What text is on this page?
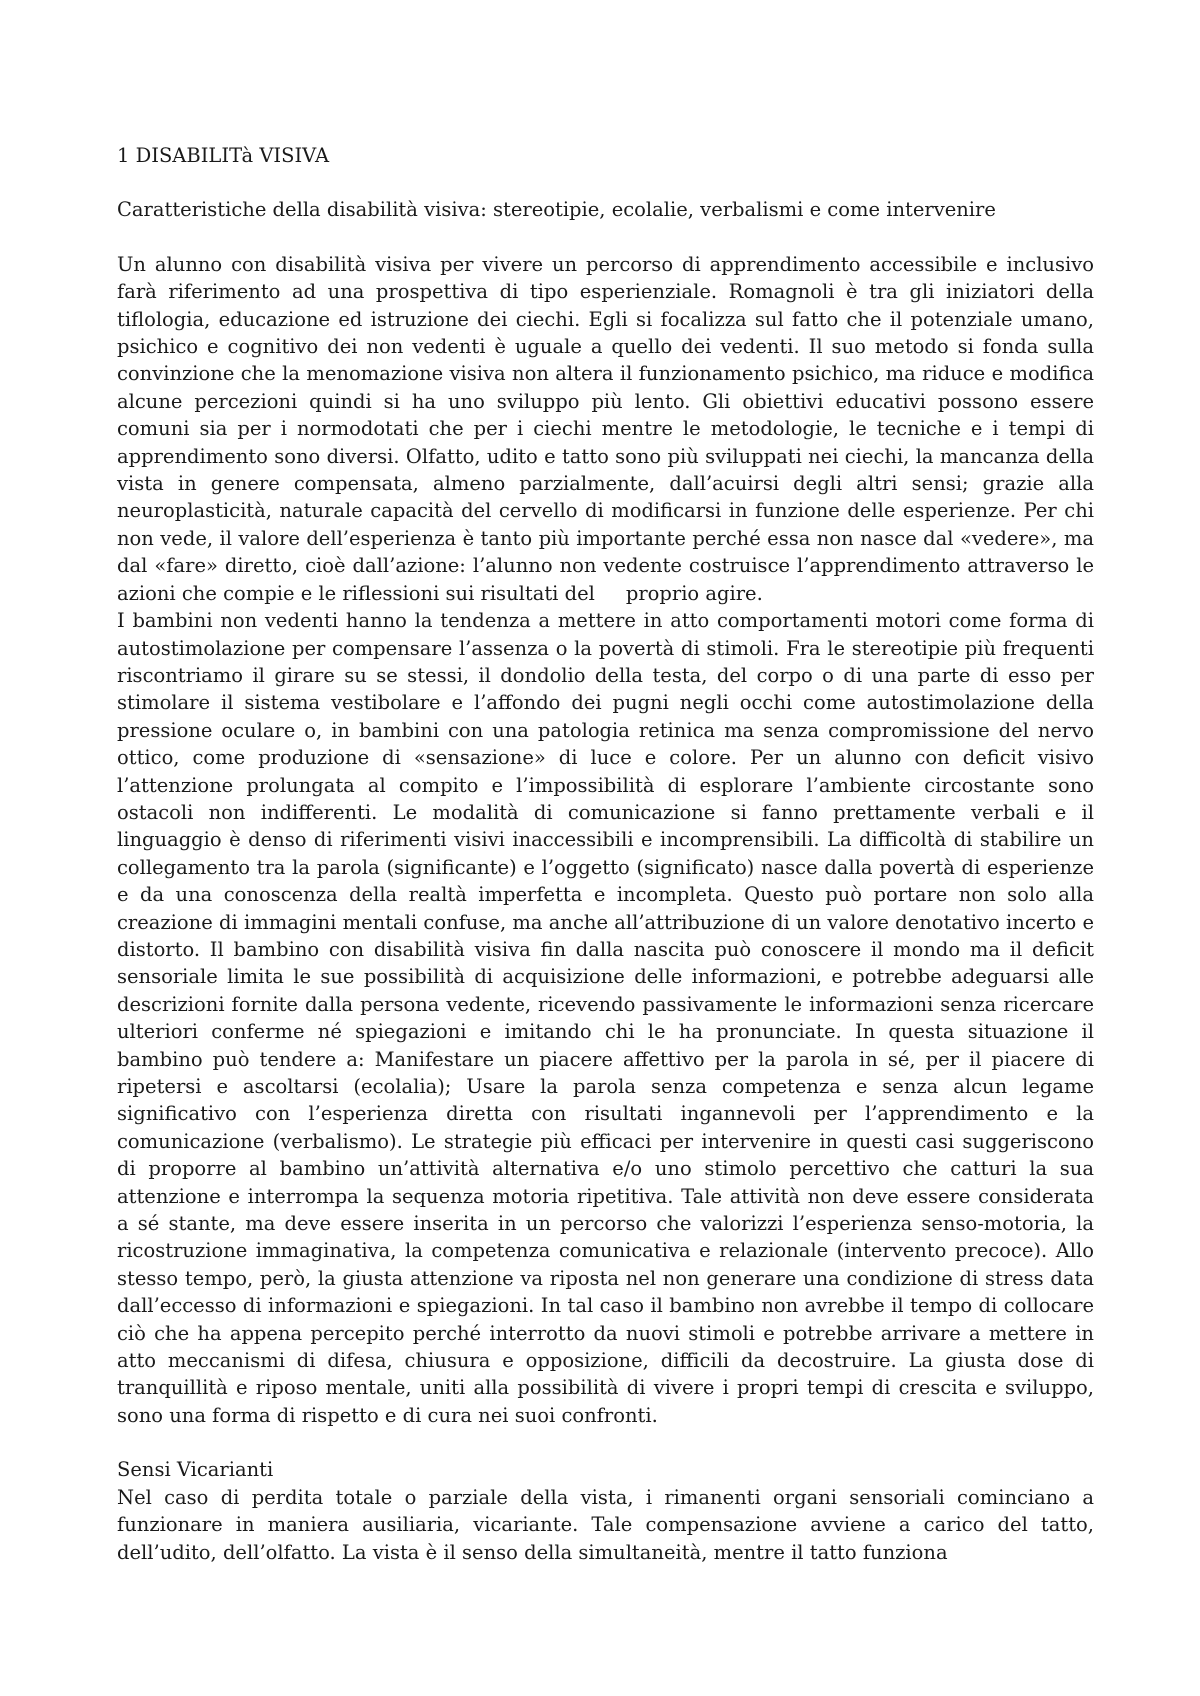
1 DISABILITà VISIVA
Caratteristiche della disabilità visiva: stereotipie, ecolalie, verbalismi e come intervenire

Un alunno con disabilità visiva per vivere un percorso di apprendimento accessibile e inclusivo farà riferimento ad una prospettiva di tipo esperienziale. Romagnoli è tra gli iniziatori della tiflologia, educazione ed istruzione dei ciechi. Egli si focalizza sul fatto che il potenziale umano, psichico e cognitivo dei non vedenti è uguale a quello dei vedenti. Il suo metodo si fonda sulla convinzione che la menomazione visiva non altera il funzionamento psichico, ma riduce e modifica alcune percezioni quindi si ha uno sviluppo più lento. Gli obiettivi educativi possono essere comuni sia per i normodotati che per i ciechi mentre le metodologie, le tecniche e i tempi di apprendimento sono diversi. Olfatto, udito e tatto sono più sviluppati nei ciechi, la mancanza della vista in genere compensata, almeno parzialmente, dall’acuirsi degli altri sensi; grazie alla neuroplasticità, naturale capacità del cervello di modificarsi in funzione delle esperienze. Per chi non vede, il valore dell’esperienza è tanto più importante perché essa non nasce dal «vedere», ma dal «fare» diretto, cioè dall’azione: l’alunno non vedente costruisce l’apprendimento attraverso le azioni che compie e le riflessioni sui risultati del     proprio agire.

I bambini non vedenti hanno la tendenza a mettere in atto comportamenti motori come forma di autostimolazione per compensare l’assenza o la povertà di stimoli. Fra le stereotipie più frequenti riscontriamo il girare su se stessi, il dondolio della testa, del corpo o di una parte di esso per stimolare il sistema vestibolare e l’affondo dei pugni negli occhi come autostimolazione della pressione oculare o, in bambini con una patologia retinica ma senza compromissione del nervo ottico, come produzione di «sensazione» di luce e colore. Per un alunno con deficit visivo l’attenzione prolungata al compito e l’impossibilità di esplorare l’ambiente circostante sono ostacoli non indifferenti. Le modalità di comunicazione si fanno prettamente verbali e il linguaggio è denso di riferimenti visivi inaccessibili e incomprensibili. La difficoltà di stabilire un collegamento tra la parola (significante) e l’oggetto (significato) nasce dalla povertà di esperienze e da una conoscenza della realtà imperfetta e incompleta. Questo può portare non solo alla creazione di immagini mentali confuse, ma anche all’attribuzione di un valore denotativo incerto e distorto. Il bambino con disabilità visiva fin dalla nascita può conoscere il mondo ma il deficit sensoriale limita le sue possibilità di acquisizione delle informazioni, e potrebbe adeguarsi alle descrizioni fornite dalla persona vedente, ricevendo passivamente le informazioni senza ricercare ulteriori conferme né spiegazioni e imitando chi le ha pronunciate. In questa situazione il bambino può tendere a: Manifestare un piacere affettivo per la parola in sé, per il piacere di ripetersi e ascoltarsi (ecolalia); Usare la parola senza competenza e senza alcun legame significativo con l’esperienza diretta con risultati ingannevoli per l’apprendimento e la comunicazione (verbalismo). Le strategie più efficaci per intervenire in questi casi suggeriscono di proporre al bambino un’attività alternativa e/o uno stimolo percettivo che catturi la sua attenzione e interrompa la sequenza motoria ripetitiva. Tale attività non deve essere considerata a sé stante, ma deve essere inserita in un percorso che valorizzi l’esperienza senso-motoria, la ricostruzione immaginativa, la competenza comunicativa e relazionale (intervento precoce). Allo stesso tempo, però, la giusta attenzione va riposta nel non generare una condizione di stress data dall’eccesso di informazioni e spiegazioni. In tal caso il bambino non avrebbe il tempo di collocare ciò che ha appena percepito perché interrotto da nuovi stimoli e potrebbe arrivare a mettere in atto meccanismi di difesa, chiusura e opposizione, difficili da decostruire. La giusta dose di tranquillità e riposo mentale, uniti alla possibilità di vivere i propri tempi di crescita e sviluppo, sono una forma di rispetto e di cura nei suoi confronti.

Sensi Vicarianti

Nel caso di perdita totale o parziale della vista, i rimanenti organi sensoriali cominciano a funzionare in maniera ausiliaria, vicariante. Tale compensazione avviene a carico del tatto, dell’udito, dell’olfatto. La vista è il senso della simultaneità, mentre il tatto funziona
